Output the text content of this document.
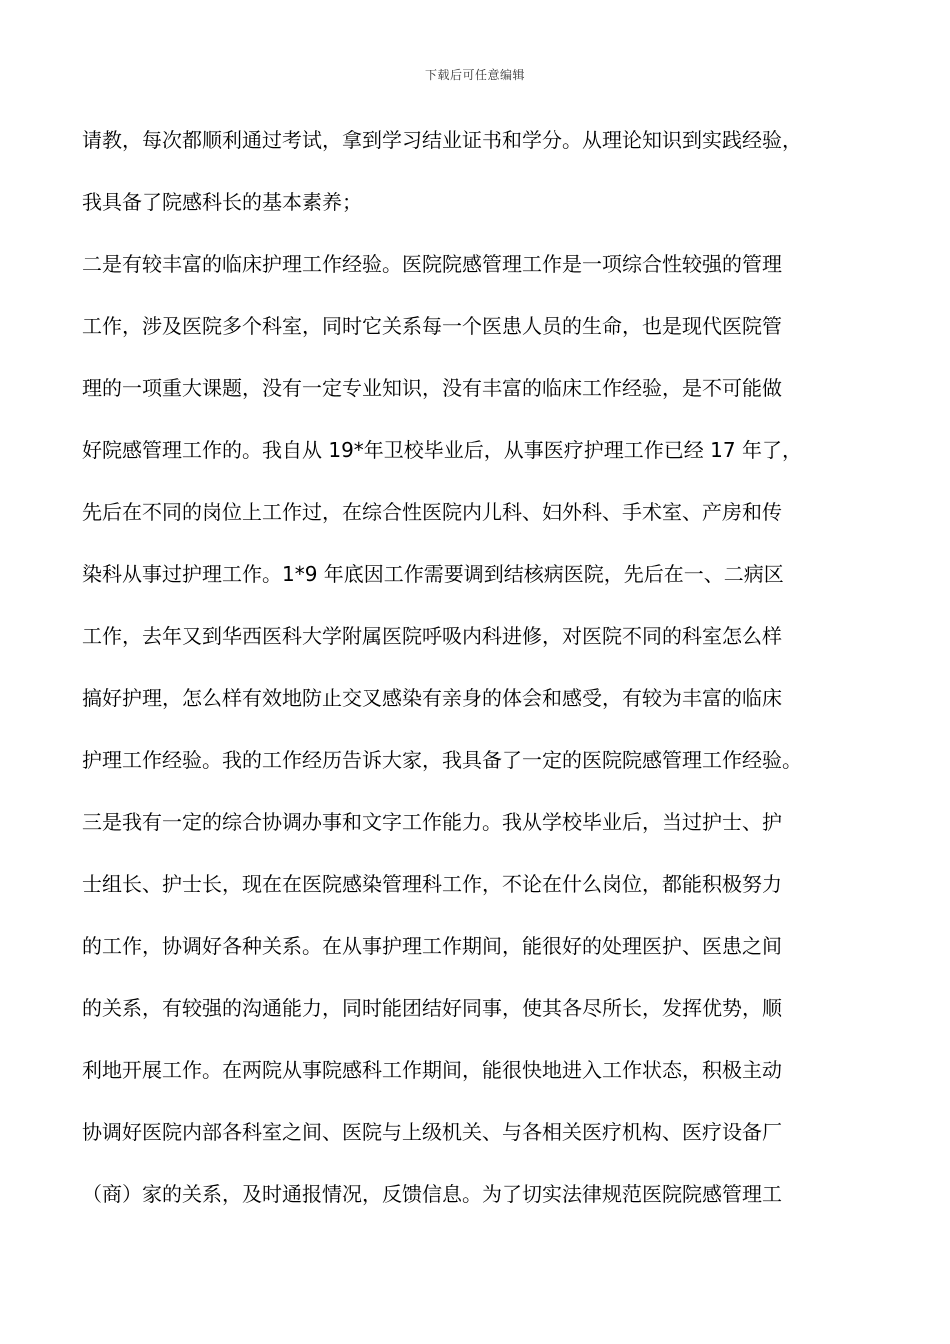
下载后可任意编辑
请教，每次都顺利通过考试，拿到学习结业证书和学分。从理论知识到实践经验，
我具备了院感科长的基本素养；
二是有较丰富的临床护理工作经验。医院院感管理工作是一项综合性较强的管理
工作，涉及医院多个科室，同时它关系每一个医患人员的生命，也是现代医院管
理的一项重大课题，没有一定专业知识，没有丰富的临床工作经验，是不可能做
好院感管理工作的。我自从 19*年卫校毕业后，从事医疗护理工作已经 17 年了，
先后在不同的岗位上工作过，在综合性医院内儿科、妇外科、手术室、产房和传
染科从事过护理工作。1*9 年底因工作需要调到结核病医院，先后在一、二病区
工作，去年又到华西医科大学附属医院呼吸内科进修，对医院不同的科室怎么样
搞好护理，怎么样有效地防止交叉感染有亲身的体会和感受，有较为丰富的临床
护理工作经验。我的工作经历告诉大家，我具备了一定的医院院感管理工作经验。
三是我有一定的综合协调办事和文字工作能力。我从学校毕业后，当过护士、护
士组长、护士长，现在在医院感染管理科工作，不论在什么岗位，都能积极努力
的工作，协调好各种关系。在从事护理工作期间，能很好的处理医护、医患之间
的关系，有较强的沟通能力，同时能团结好同事，使其各尽所长，发挥优势，顺
利地开展工作。在两院从事院感科工作期间，能很快地进入工作状态，积极主动
协调好医院内部各科室之间、医院与上级机关、与各相关医疗机构、医疗设备厂
（商）家的关系，及时通报情况，反馈信息。为了切实法律规范医院院感管理工
